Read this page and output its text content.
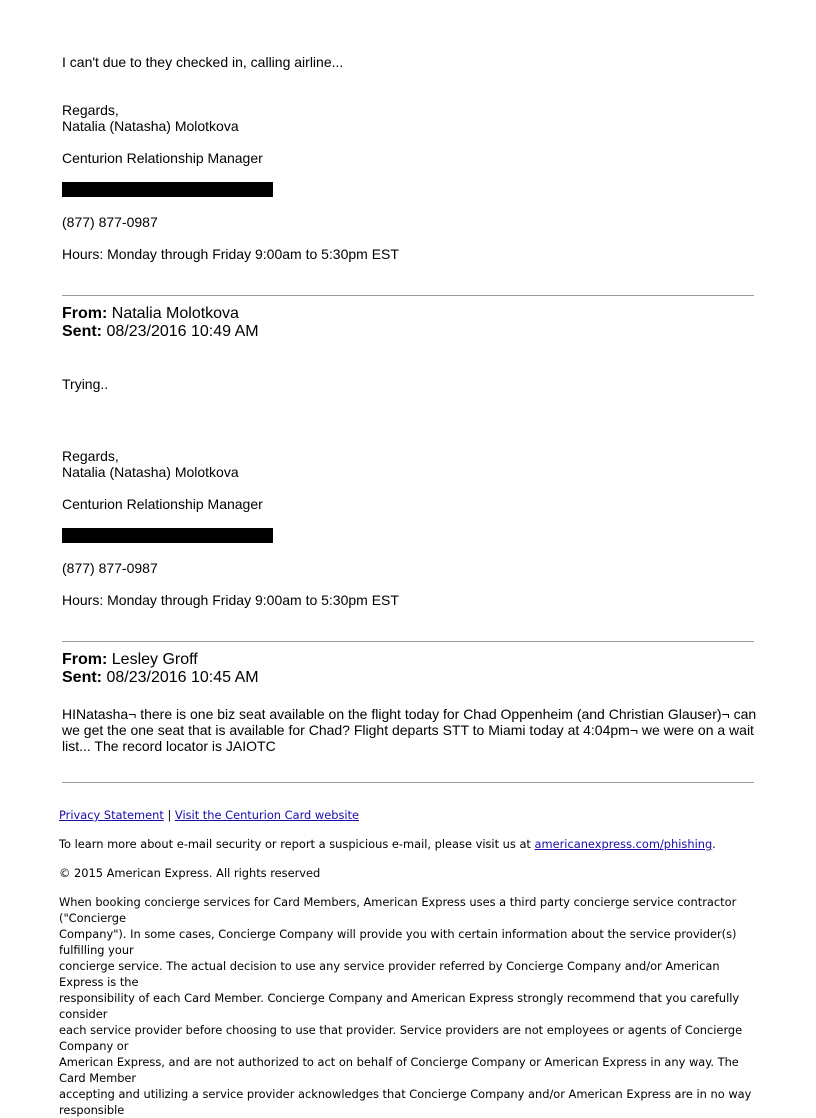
I can't due to they checked in, calling airline...
Regards,
Natalia (Natasha) Molotkova
Centurion Relationship Manager
(877) 877-0987
Hours: Monday through Friday 9:00am to 5:30pm EST
From: Natalia Molotkova
Sent: 08/23/2016 10:49 AM
Trying..
Regards,
Natalia (Natasha) Molotkova
Centurion Relationship Manager
(877) 877-0987
Hours: Monday through Friday 9:00am to 5:30pm EST
From: Lesley Groff
Sent: 08/23/2016 10:45 AM
HINatasha¬ there is one biz seat available on the flight today for Chad Oppenheim (and Christian Glauser)¬ can
we get the one seat that is available for Chad? Flight departs STT to Miami today at 4:04pm¬ we were on a wait
list... The record locator is JAIOTC
Privacy Statement | Visit the Centurion Card website
To learn more about e-mail security or report a suspicious e-mail, please visit us at americanexpress.com/phishing.
© 2015 American Express. All rights reserved
When booking concierge services for Card Members, American Express uses a third party concierge service contractor ("Concierge
Company"). In some cases, Concierge Company will provide you with certain information about the service provider(s) fulfilling your
concierge service. The actual decision to use any service provider referred by Concierge Company and/or American Express is the
responsibility of each Card Member. Concierge Company and American Express strongly recommend that you carefully consider
each service provider before choosing to use that provider. Service providers are not employees or agents of Concierge Company or
American Express, and are not authorized to act on behalf of Concierge Company or American Express in any way. The Card Member
accepting and utilizing a service provider acknowledges that Concierge Company and/or American Express are in no way responsible
